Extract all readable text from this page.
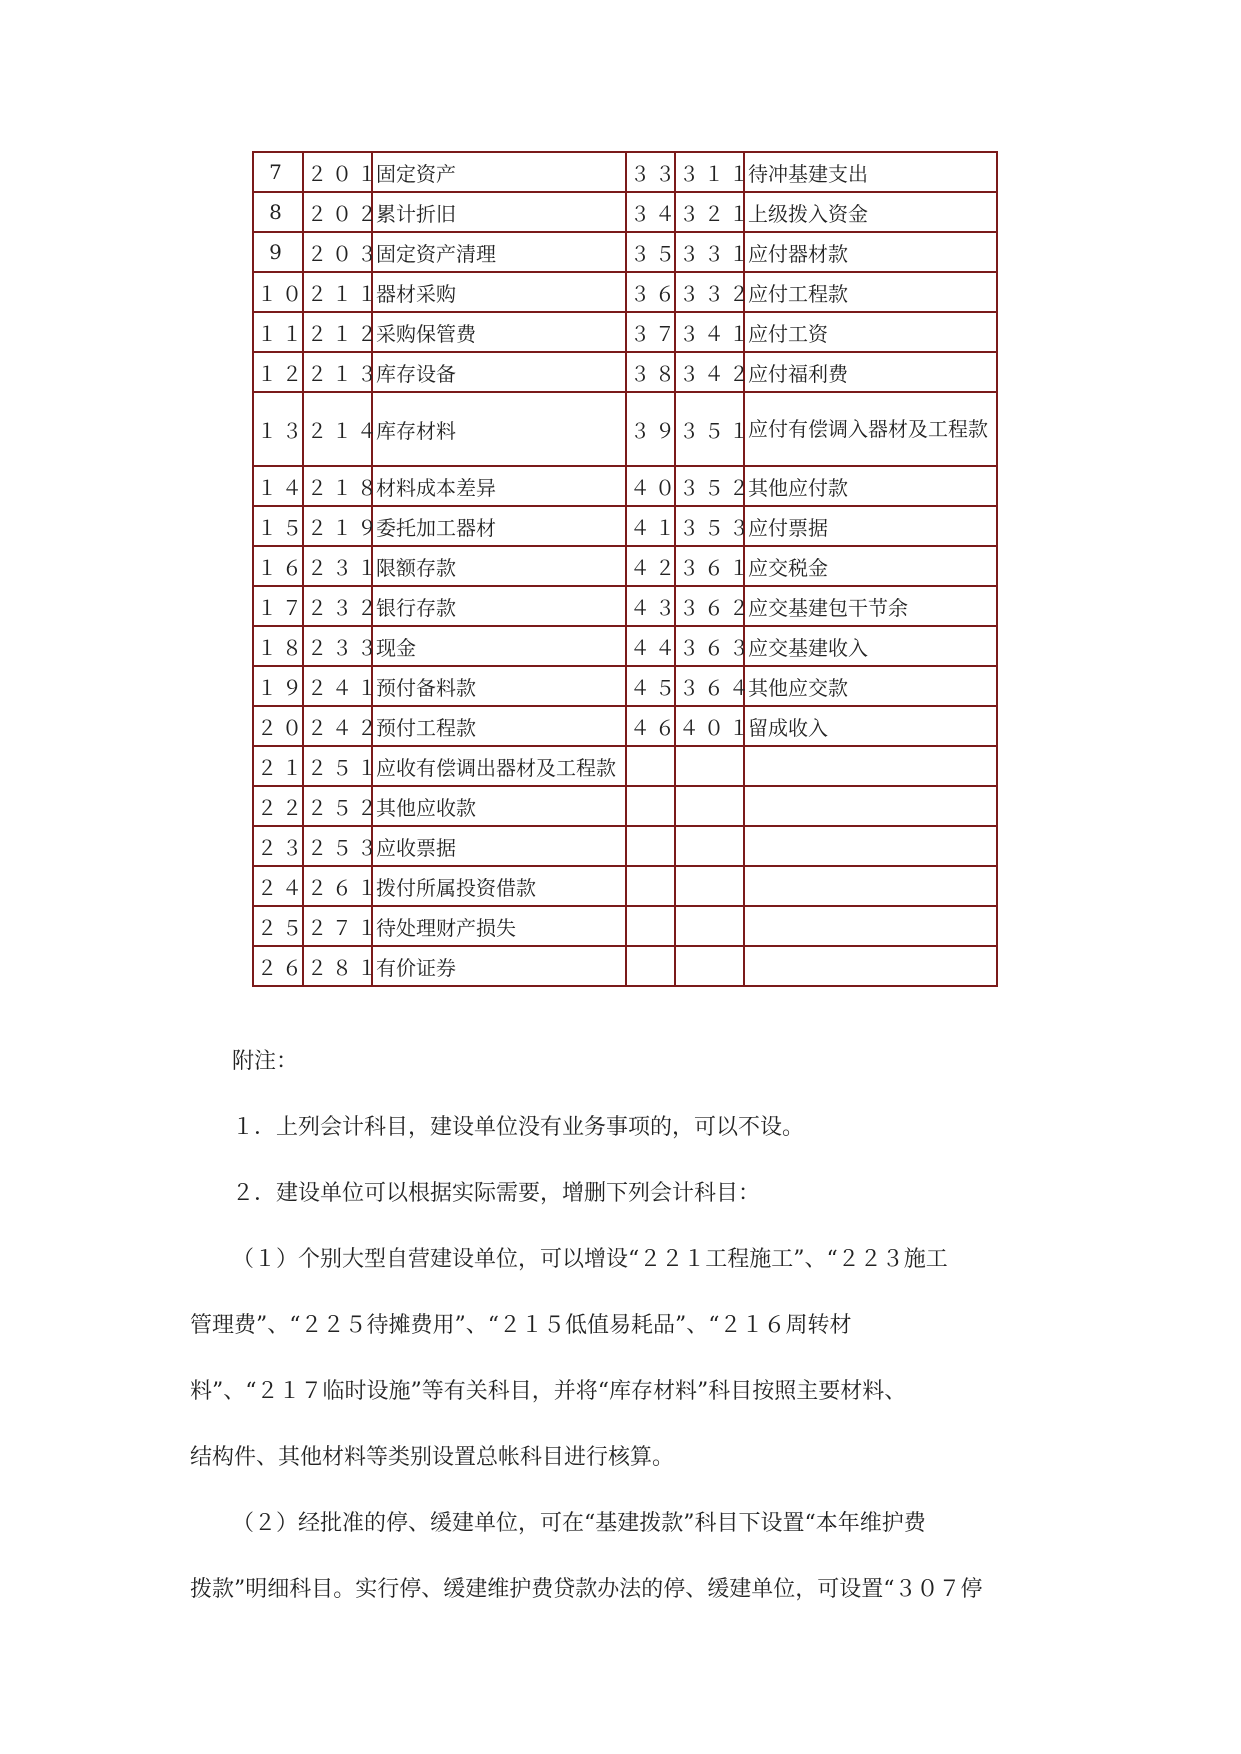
7	２０１	固定资产	３３	３１１	待冲基建支出
8	２０２	累计折旧	３４	３２１	上级拨入资金
9	２０３	固定资产清理	３５	３３１	应付器材款
１０	２１１	器材采购	３６	３３２	应付工程款
１１	２１２	采购保管费	３７	３４１	应付工资
１２	２１３	库存设备	３８	３４２	应付福利费
１３	２１４	库存材料	３９	３５１	应付有偿调入器材及工程款
１４	２１８	材料成本差异	４０	３５２	其他应付款
１５	２１９	委托加工器材	４１	３５３	应付票据
１６	２３１	限额存款	４２	３６１	应交税金
１７	２３２	银行存款	４３	３６２	应交基建包干节余
１８	２３３	现金	４４	３６３	应交基建收入
１９	２４１	预付备料款	４５	３６４	其他应交款
２０	２４２	预付工程款	４６	４０１	留成收入
２１	２５１	应收有偿调出器材及工程款			
２２	２５２	其他应收款			
２３	２５３	应收票据			
２４	２６１	拨付所属投资借款			
２５	２７１	待处理财产损失			
２６	２８１	有价证券			

附注：

１．上列会计科目，建设单位没有业务事项的，可以不设。

２．建设单位可以根据实际需要，增删下列会计科目：

（１）个别大型自营建设单位，可以增设“２２１工程施工”、“２２３施工

管理费”、“２２５待摊费用”、“２１５低值易耗品”、“２１６周转材

料”、“２１７临时设施”等有关科目，并将“库存材料”科目按照主要材料、

结构件、其他材料等类别设置总帐科目进行核算。

（２）经批准的停、缓建单位，可在“基建拨款”科目下设置“本年维护费

拨款”明细科目。实行停、缓建维护费贷款办法的停、缓建单位，可设置“３０７停
